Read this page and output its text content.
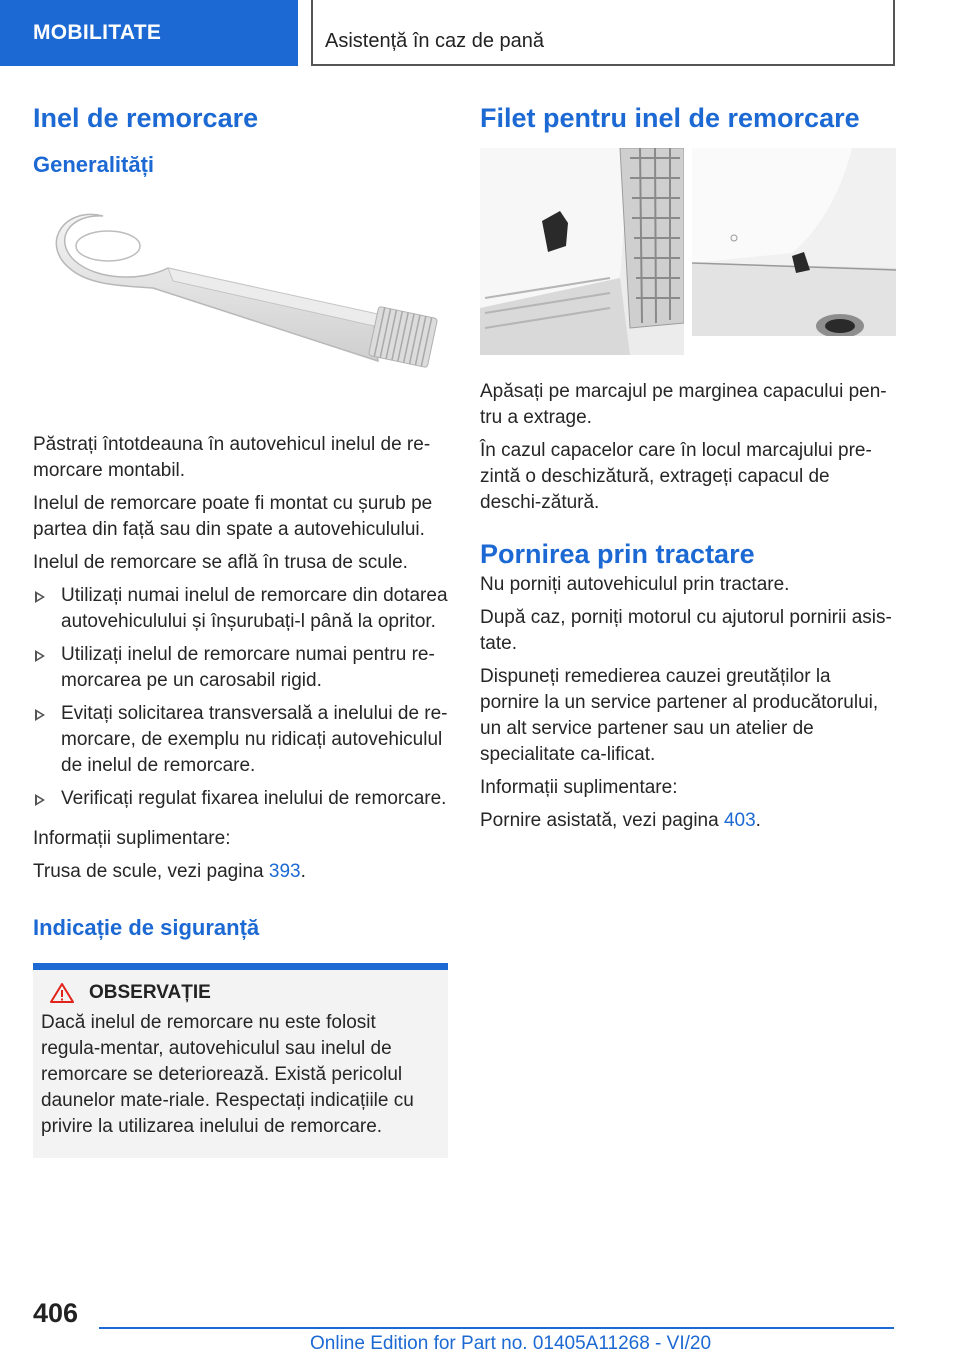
MOBILITATE	Asistență în caz de pană
Inel de remorcare
Generalități

Păstrați întotdeauna în autovehicul inelul de re-morcare montabil.

Inelul de remorcare poate fi montat cu șurub pe partea din față sau din spate a autovehiculului.

Inelul de remorcare se află în trusa de scule.

Utilizați numai inelul de remorcare din dotarea autovehiculului și înșurubați-l până la opritor.
Utilizați inelul de remorcare numai pentru re-morcarea pe un carosabil rigid.
Evitați solicitarea transversală a inelului de re-morcare, de exemplu nu ridicați autovehiculul de inelul de remorcare.
Verificați regulat fixarea inelului de remorcare.

Informații suplimentare:

Trusa de scule, vezi pagina 393.

Indicație de siguranță
OBSERVAȚIE

Dacă inelul de remorcare nu este folosit regula-mentar, autovehiculul sau inelul de remorcare se deteriorează. Există pericolul daunelor mate-riale. Respectați indicațiile cu privire la utilizarea inelului de remorcare.

Filet pentru inel de remorcare

Apăsați pe marcajul pe marginea capacului pen-tru a extrage.

În cazul capacelor care în locul marcajului pre-zintă o deschizătură, extrageți capacul de deschi-zătură.

Pornirea prin tractare

Nu porniți autovehiculul prin tractare.

După caz, porniți motorul cu ajutorul pornirii asis-tate.

Dispuneți remedierea cauzei greutăților la pornire la un service partener al producătorului, un alt service partener sau un atelier de specialitate ca-lificat.

Informații suplimentare:

Pornire asistată, vezi pagina 403.

406
Online Edition for Part no. 01405A11268 - VI/20
